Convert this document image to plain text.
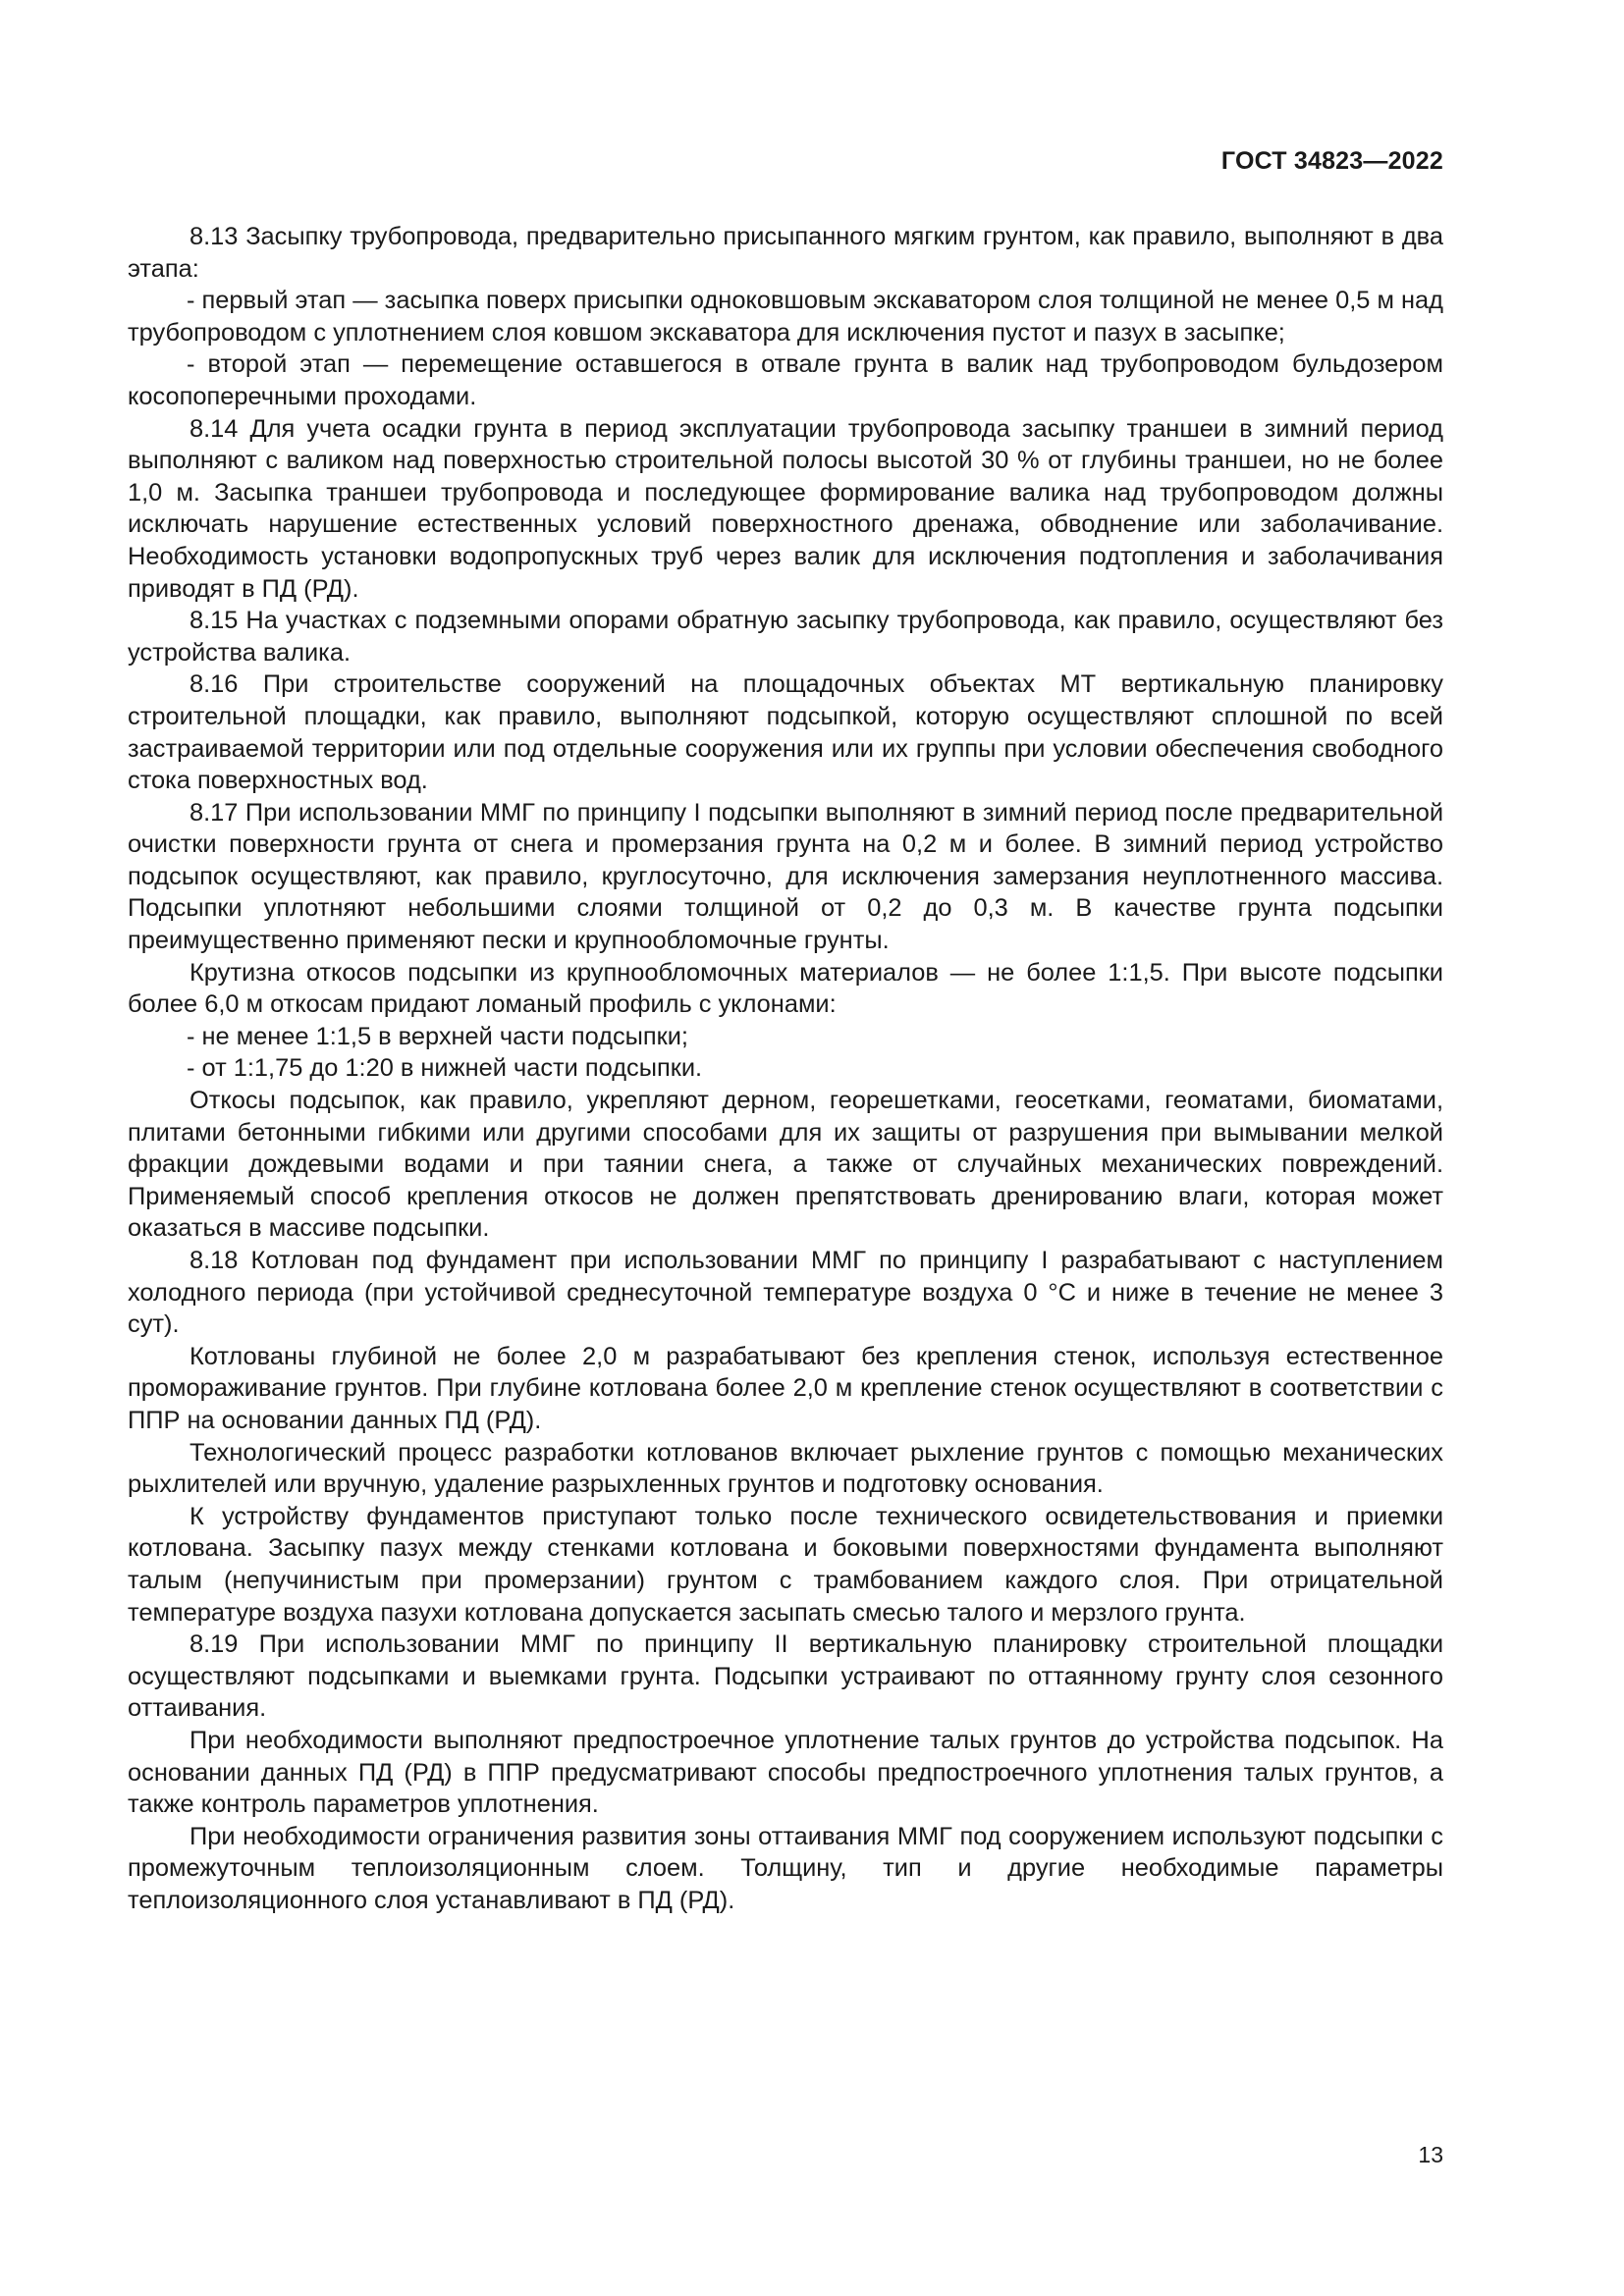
ГОСТ 34823—2022

8.13 Засыпку трубопровода, предварительно присыпанного мягким грунтом, как правило, выполняют в два этапа:

- первый этап — засыпка поверх присыпки одноковшовым экскаватором слоя толщиной не менее 0,5 м над трубопроводом с уплотнением слоя ковшом экскаватора для исключения пустот и пазух в засыпке;

- второй этап — перемещение оставшегося в отвале грунта в валик над трубопроводом бульдозером косопоперечными проходами.

8.14 Для учета осадки грунта в период эксплуатации трубопровода засыпку траншеи в зимний период выполняют с валиком над поверхностью строительной полосы высотой 30 % от глубины траншеи, но не более 1,0 м. Засыпка траншеи трубопровода и последующее формирование валика над трубопроводом должны исключать нарушение естественных условий поверхностного дренажа, обводнение или заболачивание. Необходимость установки водопропускных труб через валик для исключения подтопления и заболачивания приводят в ПД (РД).

8.15 На участках с подземными опорами обратную засыпку трубопровода, как правило, осуществляют без устройства валика.

8.16 При строительстве сооружений на площадочных объектах МТ вертикальную планировку строительной площадки, как правило, выполняют подсыпкой, которую осуществляют сплошной по всей застраиваемой территории или под отдельные сооружения или их группы при условии обеспечения свободного стока поверхностных вод.

8.17 При использовании ММГ по принципу I подсыпки выполняют в зимний период после предварительной очистки поверхности грунта от снега и промерзания грунта на 0,2 м и более. В зимний период устройство подсыпок осуществляют, как правило, круглосуточно, для исключения замерзания неуплотненного массива. Подсыпки уплотняют небольшими слоями толщиной от 0,2 до 0,3 м. В качестве грунта подсыпки преимущественно применяют пески и крупнообломочные грунты.

Крутизна откосов подсыпки из крупнообломочных материалов — не более 1:1,5. При высоте подсыпки более 6,0 м откосам придают ломаный профиль с уклонами:

- не менее 1:1,5 в верхней части подсыпки;

- от 1:1,75 до 1:20 в нижней части подсыпки.

Откосы подсыпок, как правило, укрепляют дерном, георешетками, геосетками, геоматами, биоматами, плитами бетонными гибкими или другими способами для их защиты от разрушения при вымывании мелкой фракции дождевыми водами и при таянии снега, а также от случайных механических повреждений. Применяемый способ крепления откосов не должен препятствовать дренированию влаги, которая может оказаться в массиве подсыпки.

8.18 Котлован под фундамент при использовании ММГ по принципу I разрабатывают с наступлением холодного периода (при устойчивой среднесуточной температуре воздуха 0 °С и ниже в течение не менее 3 сут).

Котлованы глубиной не более 2,0 м разрабатывают без крепления стенок, используя естественное промораживание грунтов. При глубине котлована более 2,0 м крепление стенок осуществляют в соответствии с ППР на основании данных ПД (РД).

Технологический процесс разработки котлованов включает рыхление грунтов с помощью механических рыхлителей или вручную, удаление разрыхленных грунтов и подготовку основания.

К устройству фундаментов приступают только после технического освидетельствования и приемки котлована. Засыпку пазух между стенками котлована и боковыми поверхностями фундамента выполняют талым (непучинистым при промерзании) грунтом с трамбованием каждого слоя. При отрицательной температуре воздуха пазухи котлована допускается засыпать смесью талого и мерзлого грунта.

8.19 При использовании ММГ по принципу II вертикальную планировку строительной площадки осуществляют подсыпками и выемками грунта. Подсыпки устраивают по оттаянному грунту слоя сезонного оттаивания.

При необходимости выполняют предпостроечное уплотнение талых грунтов до устройства подсыпок. На основании данных ПД (РД) в ППР предусматривают способы предпостроечного уплотнения талых грунтов, а также контроль параметров уплотнения.

При необходимости ограничения развития зоны оттаивания ММГ под сооружением используют подсыпки с промежуточным теплоизоляционным слоем. Толщину, тип и другие необходимые параметры теплоизоляционного слоя устанавливают в ПД (РД).

13
